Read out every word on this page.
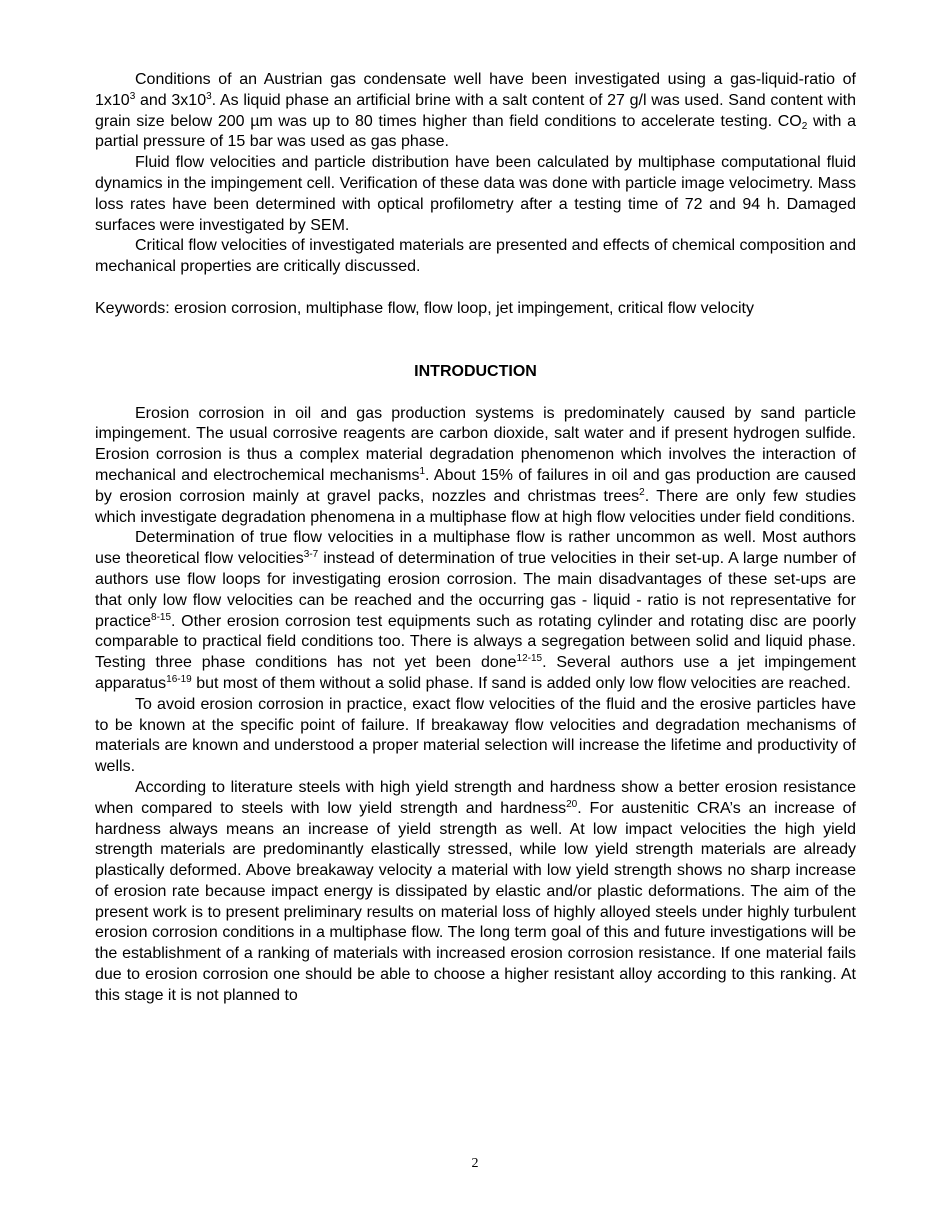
Conditions of an Austrian gas condensate well have been investigated using a gas-liquid-ratio of $1x10^3$ and $3x10^3$. As liquid phase an artificial brine with a salt content of 27 g/l was used. Sand content with grain size below 200 µm was up to 80 times higher than field conditions to accelerate testing. $CO_2$ with a partial pressure of 15 bar was used as gas phase.

Fluid flow velocities and particle distribution have been calculated by multiphase computational fluid dynamics in the impingement cell. Verification of these data was done with particle image velocimetry. Mass loss rates have been determined with optical profilometry after a testing time of 72 and 94 h. Damaged surfaces were investigated by SEM.

Critical flow velocities of investigated materials are presented and effects of chemical composition and mechanical properties are critically discussed.

Keywords: erosion corrosion, multiphase flow, flow loop, jet impingement, critical flow velocity

INTRODUCTION

Erosion corrosion in oil and gas production systems is predominately caused by sand particle impingement. The usual corrosive reagents are carbon dioxide, salt water and if present hydrogen sulfide. Erosion corrosion is thus a complex material degradation phenomenon which involves the interaction of mechanical and electrochemical mechanisms$^1$. About 15% of failures in oil and gas production are caused by erosion corrosion mainly at gravel packs, nozzles and christmas trees$^2$. There are only few studies which investigate degradation phenomena in a multiphase flow at high flow velocities under field conditions.

Determination of true flow velocities in a multiphase flow is rather uncommon as well. Most authors use theoretical flow velocities$^{3-7}$ instead of determination of true velocities in their set-up. A large number of authors use flow loops for investigating erosion corrosion. The main disadvantages of these set-ups are that only low flow velocities can be reached and the occurring gas - liquid - ratio is not representative for practice$^{8-15}$. Other erosion corrosion test equipments such as rotating cylinder and rotating disc are poorly comparable to practical field conditions too. There is always a segregation between solid and liquid phase. Testing three phase conditions has not yet been done$^{12-15}$. Several authors use a jet impingement apparatus$^{16-19}$ but most of them without a solid phase. If sand is added only low flow velocities are reached.

To avoid erosion corrosion in practice, exact flow velocities of the fluid and the erosive particles have to be known at the specific point of failure. If breakaway flow velocities and degradation mechanisms of materials are known and understood a proper material selection will increase the lifetime and productivity of wells.

According to literature steels with high yield strength and hardness show a better erosion resistance when compared to steels with low yield strength and hardness$^{20}$. For austenitic CRA’s an increase of hardness always means an increase of yield strength as well. At low impact velocities the high yield strength materials are predominantly elastically stressed, while low yield strength materials are already plastically deformed. Above breakaway velocity a material with low yield strength shows no sharp increase of erosion rate because impact energy is dissipated by elastic and/or plastic deformations. The aim of the present work is to present preliminary results on material loss of highly alloyed steels under highly turbulent erosion corrosion conditions in a multiphase flow. The long term goal of this and future investigations will be the establishment of a ranking of materials with increased erosion corrosion resistance. If one material fails due to erosion corrosion one should be able to choose a higher resistant alloy according to this ranking. At this stage it is not planned to

2
